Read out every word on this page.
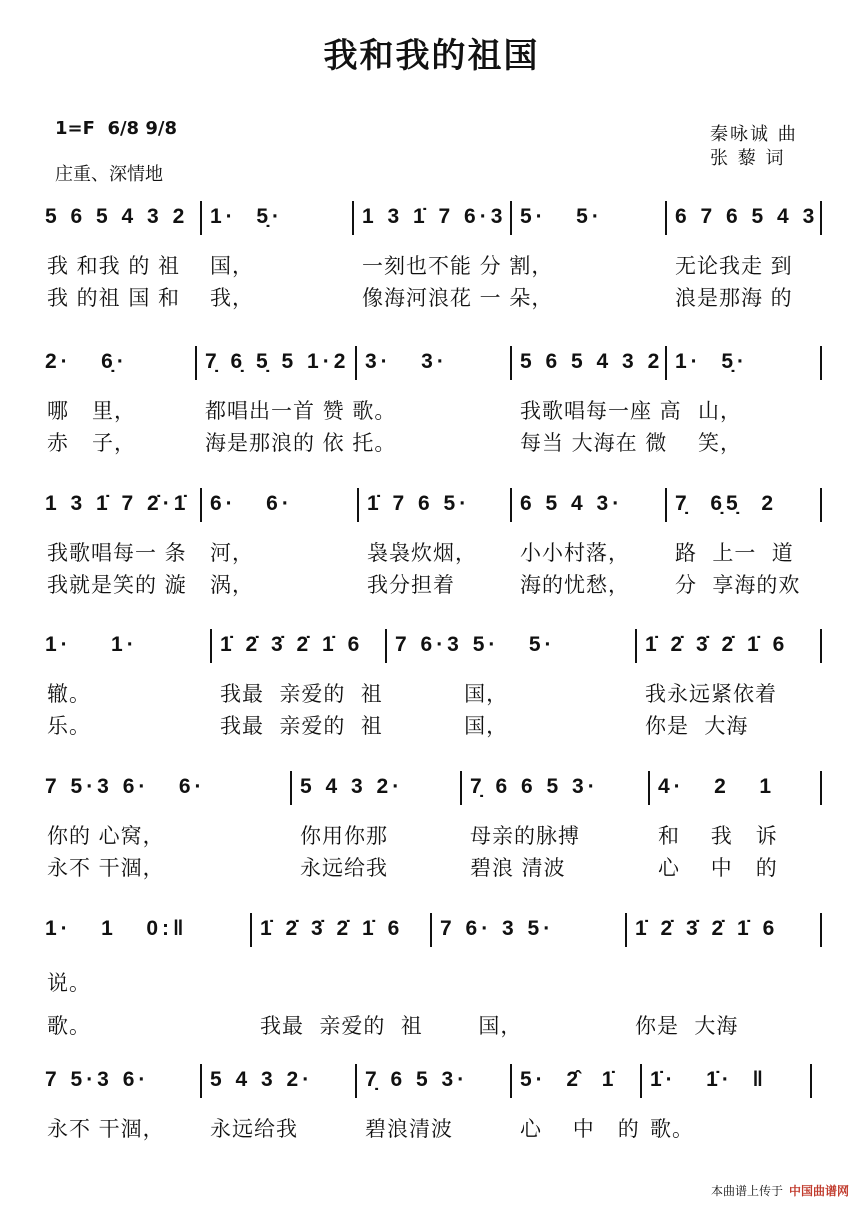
我和我的祖国
1=F 6/8 9/8
庄重、深情地
秦咏诚 曲
张 藜 词
5 6 5 4 3 2
我 和我 的 祖
我 的祖 国 和
1·  5̣·
国，
我，
1 3 1̇ 7 6·3
一刻也不能 分 割，
像海河浪花 一 朵，
5·   5·	6 7 6 5 4 3
无论我走 到
浪是那海 的
2·   6̣·
哪   里，
赤   子，
7̣ 6̣ 5̣ 5 1·2
都唱出一首 赞 歌。
海是那浪的 依 托。
3·   3·	5 6 5 4 3 2
我歌唱每一座 高
每当 大海在 微
1·  5̣·
山，
笑，
1 3 1̇ 7 2̇·1̇
我歌唱每一 条
我就是笑的 漩
6·   6·
河，
涡，
1̇ 7 6 5·
袅袅炊烟，
我分担着
6 5 4 3·
小小村落，
海的忧愁，
7̣  6̣5̣  2
路  上一  道
分  享海的欢
1·    1·
辙。
乐。
1̇ 2̇ 3̇ 2̇ 1̇ 6
我最  亲爱的  祖
我最  亲爱的  祖
7 6·3 5·   5·
国，
国，
1̇ 2̇ 3̇ 2̇ 1̇ 6
我永远紧依着
你是  大海
7 5·3 6·   6·
你的 心窝，
永不 干涸，
5 4 3 2·
你用你那
永远给我
7̣ 6 6 5 3·
母亲的脉搏
碧浪 清波
4·   2   1
和    我   诉
心    中   的
1·   1   0:‖
说。
歌。
1̇ 2̇ 3̇ 2̇ 1̇ 6
我最  亲爱的  祖
7 6· 3 5·
国，
1̇ 2̇ 3̇ 2̇ 1̇ 6
你是  大海
7 5·3 6·
永不 干涸，
5 4 3 2·
永远给我
7̣ 6 5 3·
碧浪清波
5·  2̂  1̇
心    中   的
1̇·   1̇·  ‖
歌。
本曲谱上传于 中国曲谱网
